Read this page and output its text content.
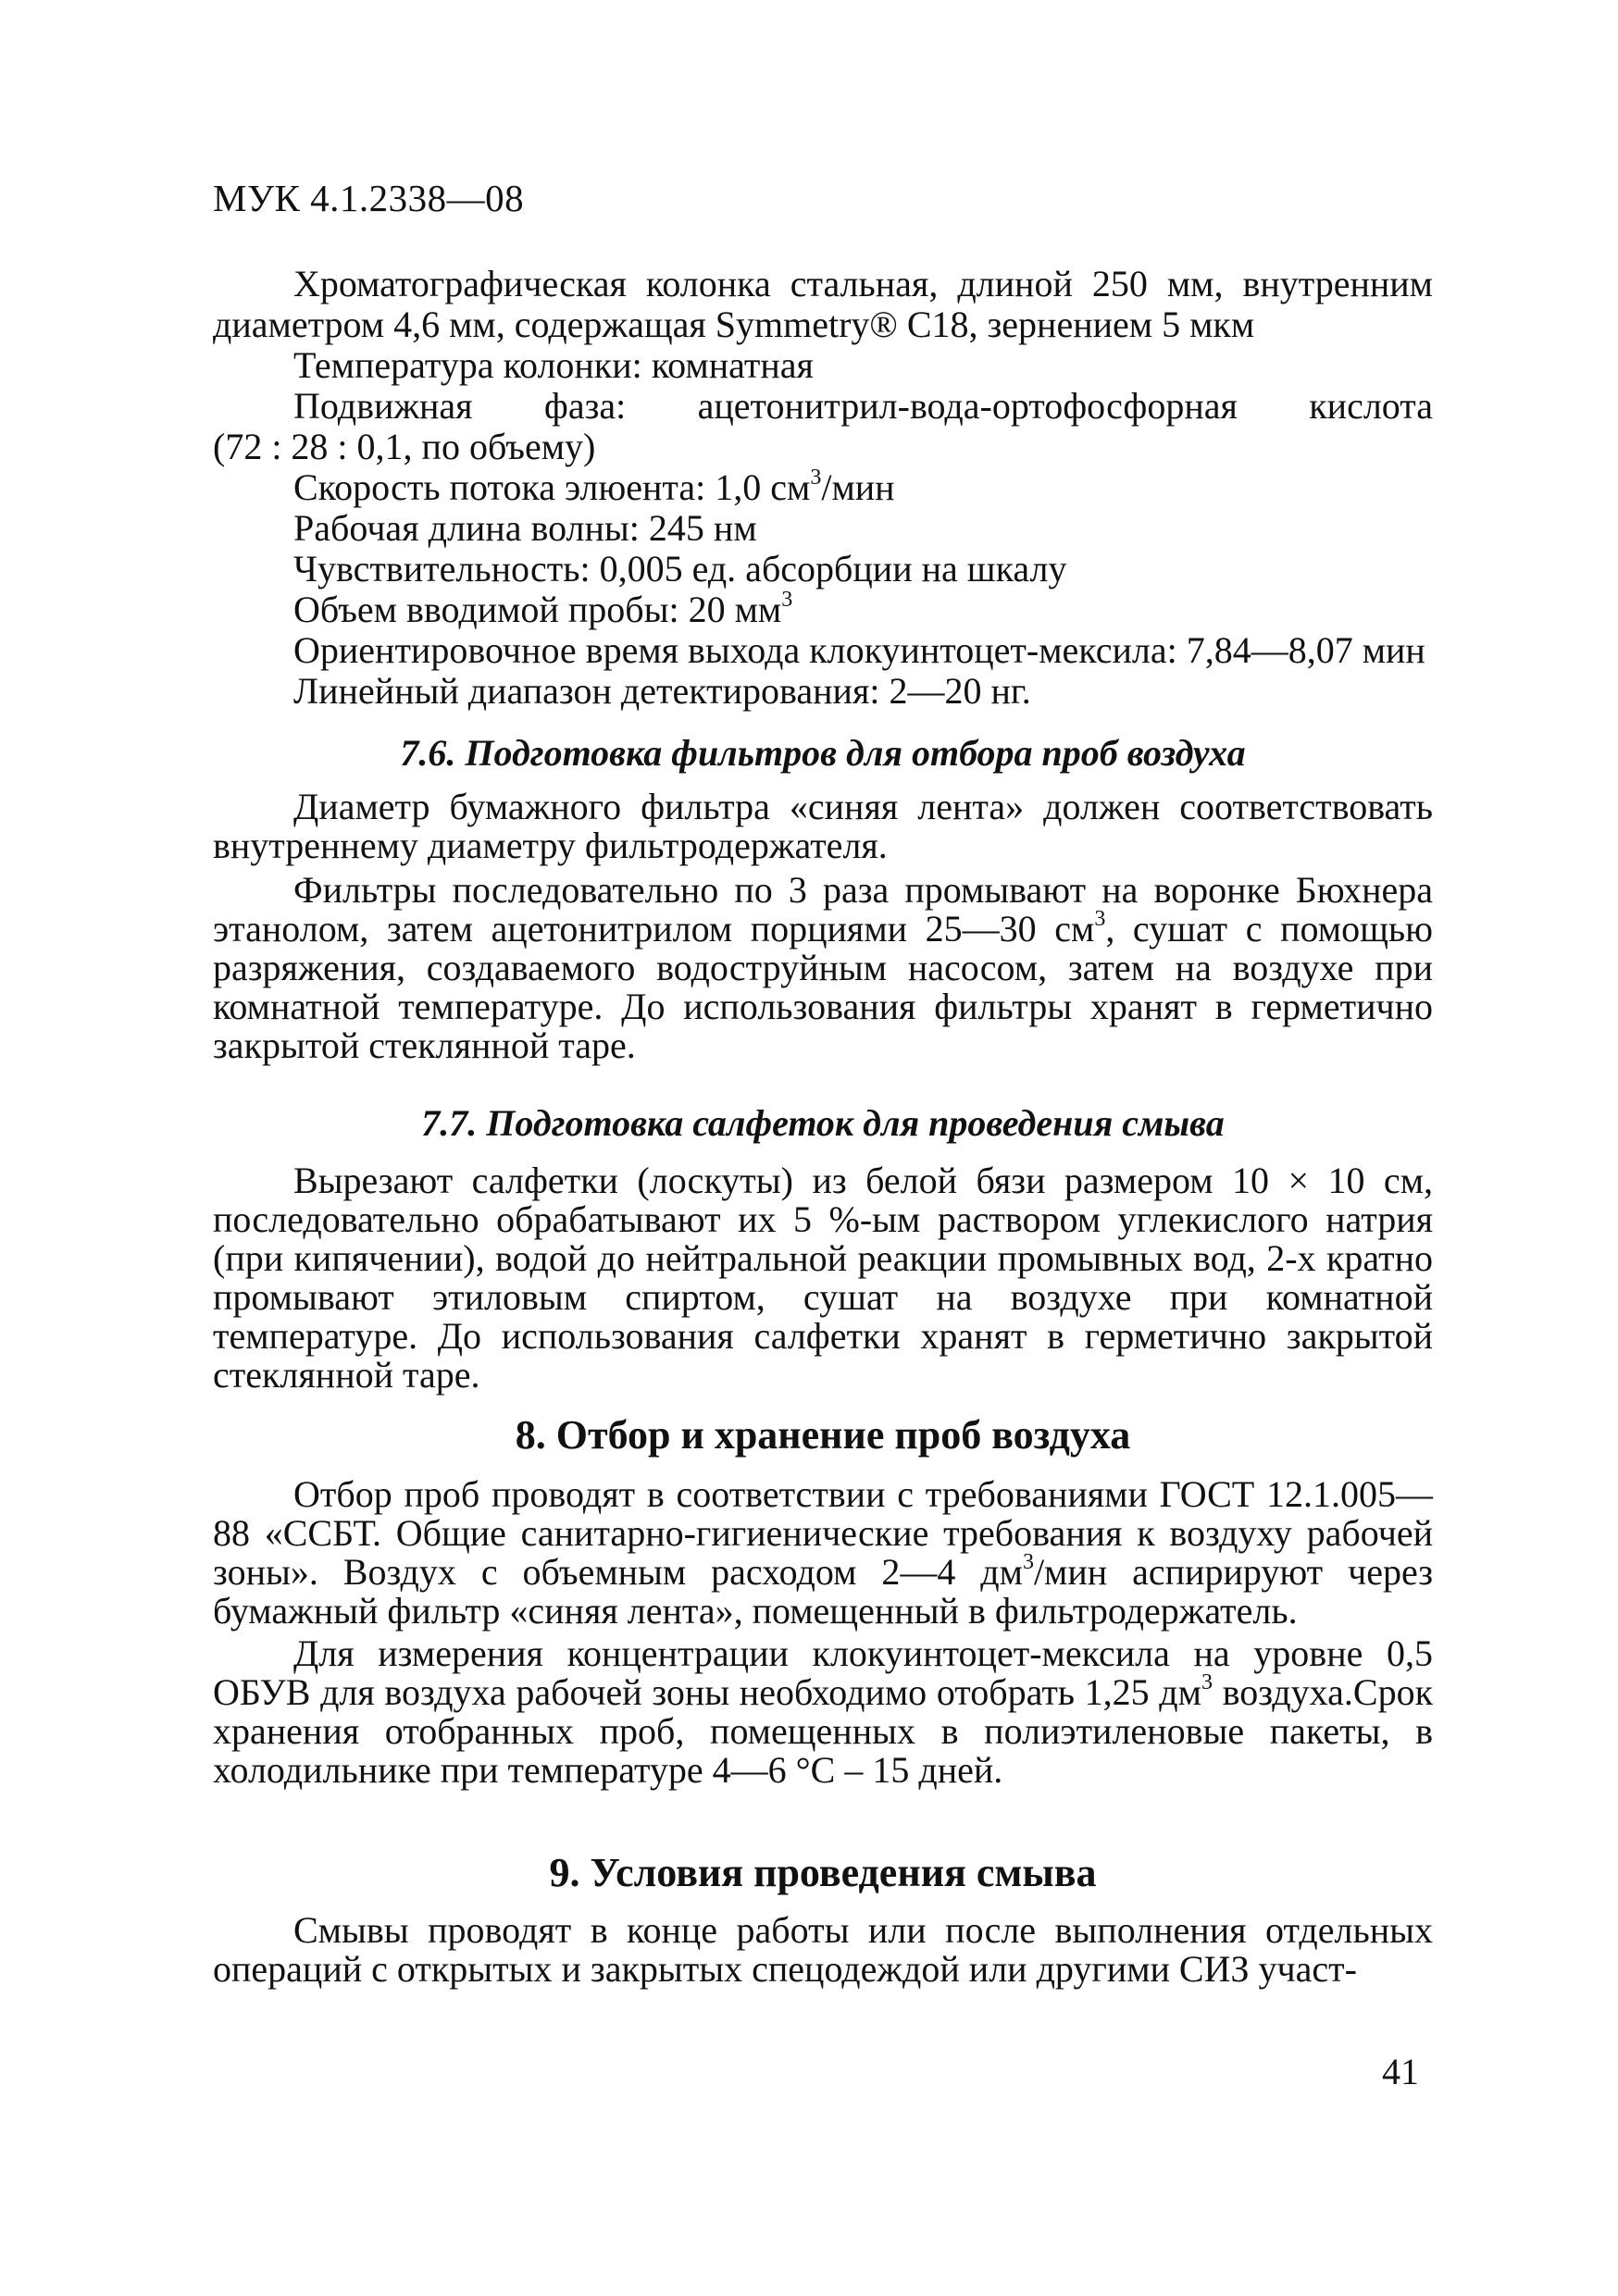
МУК 4.1.2338—08

Хроматографическая колонка стальная, длиной 250 мм, внутренним диаметром 4,6 мм, содержащая Symmetry® C18, зернением 5 мкм

Температура колонки: комнатная

Подвижная фаза: ацетонитрил-вода-ортофосфорная кислота

(72 : 28 : 0,1, по объему)

Скорость потока элюента: 1,0 $см^3$/мин

Рабочая длина волны: 245 нм

Чувствительность: 0,005 ед. абсорбции на шкалу

Объем вводимой пробы: 20 $мм^3$

Ориентировочное время выхода клокуинтоцет-мексила: 7,84—8,07 мин

Линейный диапазон детектирования: 2—20 нг.

7.6. Подготовка фильтров для отбора проб воздуха

Диаметр бумажного фильтра «синяя лента» должен соответствовать внутреннему диаметру фильтродержателя.

Фильтры последовательно по 3 раза промывают на воронке Бюхнера этанолом, затем ацетонитрилом порциями 25—30 $см^3$, сушат с помощью разряжения, создаваемого водоструйным насосом, затем на воздухе при комнатной температуре. До использования фильтры хранят в герметично закрытой стеклянной таре.

7.7. Подготовка салфеток для проведения смыва

Вырезают салфетки (лоскуты) из белой бязи размером 10 × 10 см, последовательно обрабатывают их 5 %-ым раствором углекислого натрия (при кипячении), водой до нейтральной реакции промывных вод, 2-х кратно промывают этиловым спиртом, сушат на воздухе при комнатной температуре. До использования салфетки хранят в герметично закрытой стеклянной таре.

8. Отбор и хранение проб воздуха

Отбор проб проводят в соответствии с требованиями ГОСТ 12.1.005—88 «ССБТ. Общие санитарно-гигиенические требования к воздуху рабочей зоны». Воздух с объемным расходом 2—4 $дм^3$/мин аспирируют через бумажный фильтр «синяя лента», помещенный в фильтродержатель.

Для измерения концентрации клокуинтоцет-мексила на уровне 0,5 ОБУВ для воздуха рабочей зоны необходимо отобрать 1,25 $дм^3$ воздуха.Срок хранения отобранных проб, помещенных в полиэтиленовые пакеты, в холодильнике при температуре 4—6 °С – 15 дней.

9. Условия проведения смыва

Смывы проводят в конце работы или после выполнения отдельных операций с открытых и закрытых спецодеждой или другими СИЗ участ-

41
